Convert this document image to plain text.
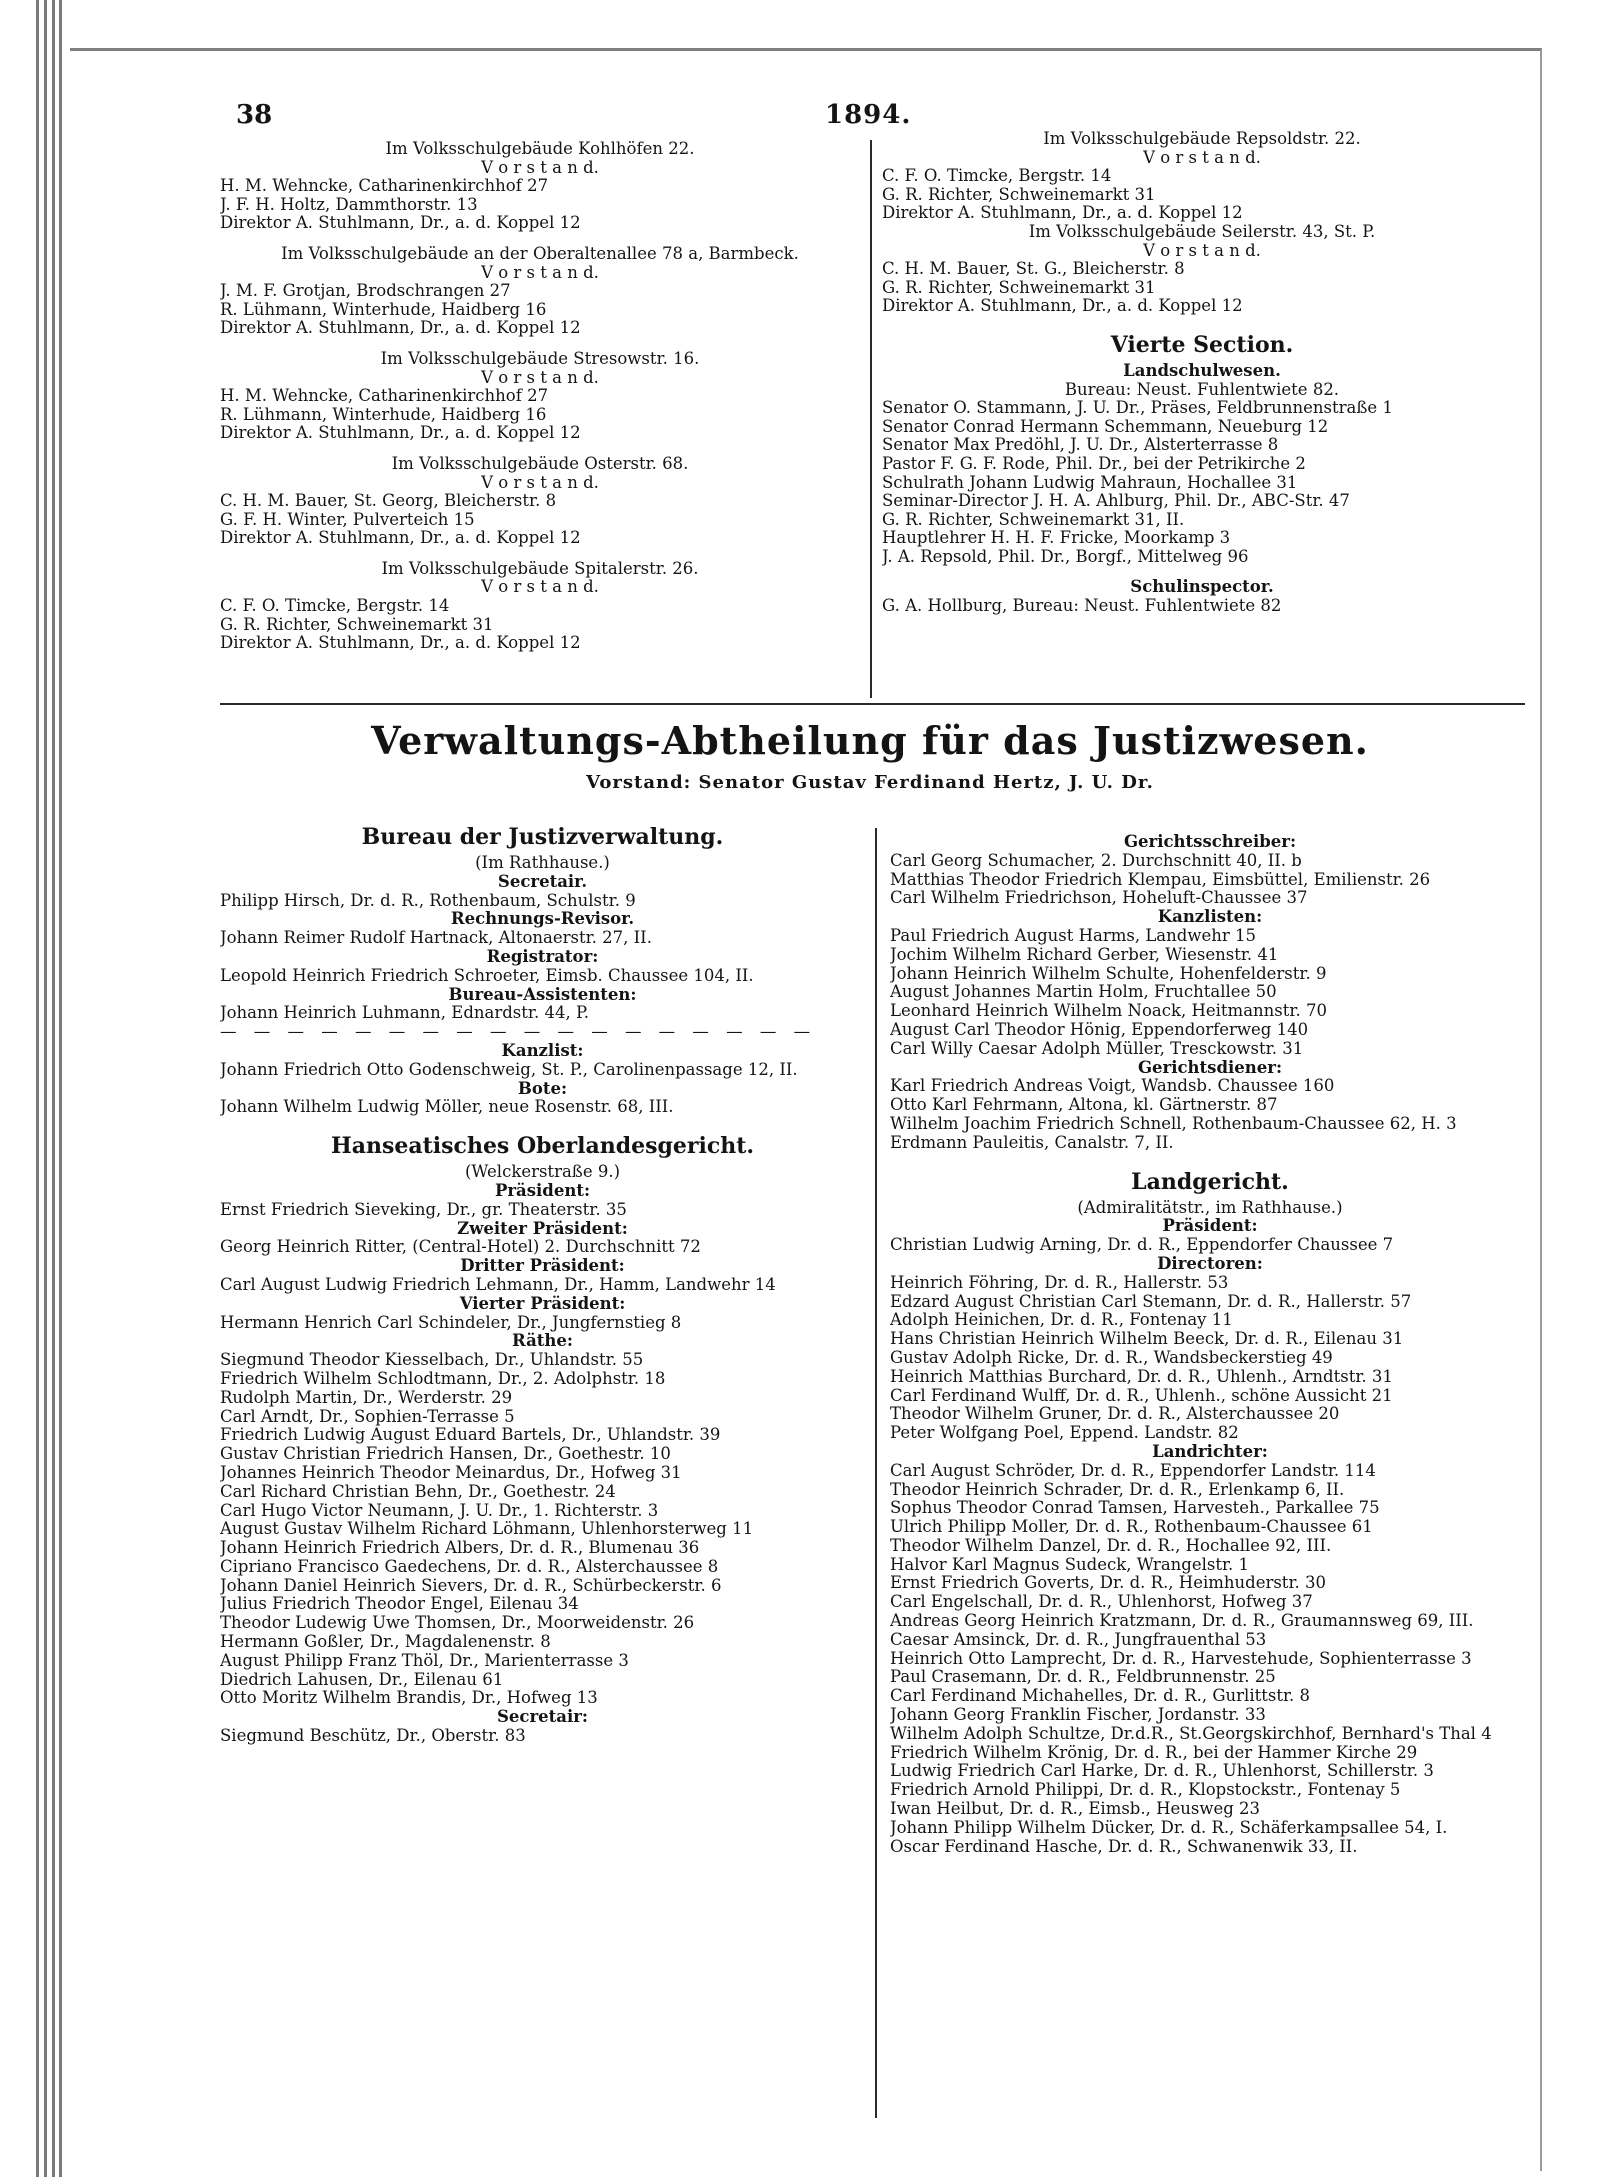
38	1894.
Im Volksschulgebäude Kohlhöfen 22.
V o r s t a n d.
H. M. Wehncke, Catharinenkirchhof 27
J. F. H. Holtz, Dammthorstr. 13
Direktor A. Stuhlmann, Dr., a. d. Koppel 12
Im Volksschulgebäude an der Oberaltenallee 78 a, Barmbeck.
V o r s t a n d.
J. M. F. Grotjan, Brodschrangen 27
R. Lühmann, Winterhude, Haidberg 16
Direktor A. Stuhlmann, Dr., a. d. Koppel 12
Im Volksschulgebäude Stresowstr. 16.
V o r s t a n d.
H. M. Wehncke, Catharinenkirchhof 27
R. Lühmann, Winterhude, Haidberg 16
Direktor A. Stuhlmann, Dr., a. d. Koppel 12
Im Volksschulgebäude Osterstr. 68.
V o r s t a n d.
C. H. M. Bauer, St. Georg, Bleicherstr. 8
G. F. H. Winter, Pulverteich 15
Direktor A. Stuhlmann, Dr., a. d. Koppel 12
Im Volksschulgebäude Spitalerstr. 26.
V o r s t a n d.
C. F. O. Timcke, Bergstr. 14
G. R. Richter, Schweinemarkt 31
Direktor A. Stuhlmann, Dr., a. d. Koppel 12
Im Volksschulgebäude Repsoldstr. 22.
V o r s t a n d.
C. F. O. Timcke, Bergstr. 14
G. R. Richter, Schweinemarkt 31
Direktor A. Stuhlmann, Dr., a. d. Koppel 12
Im Volksschulgebäude Seilerstr. 43, St. P.
V o r s t a n d.
C. H. M. Bauer, St. G., Bleicherstr. 8
G. R. Richter, Schweinemarkt 31
Direktor A. Stuhlmann, Dr., a. d. Koppel 12
Vierte Section.
Landschulwesen.
Bureau: Neust. Fuhlentwiete 82.
Senator O. Stammann, J. U. Dr., Präses, Feldbrunnenstraße 1
Senator Conrad Hermann Schemmann, Neueburg 12
Senator Max Predöhl, J. U. Dr., Alsterterrasse 8
Pastor F. G. F. Rode, Phil. Dr., bei der Petrikirche 2
Schulrath Johann Ludwig Mahraun, Hochallee 31
Seminar-Director J. H. A. Ahlburg, Phil. Dr., ABC-Str. 47
G. R. Richter, Schweinemarkt 31, II.
Hauptlehrer H. H. F. Fricke, Moorkamp 3
J. A. Repsold, Phil. Dr., Borgf., Mittelweg 96
Schulinspector.
G. A. Hollburg, Bureau: Neust. Fuhlentwiete 82
Verwaltungs-Abtheilung für das Justizwesen.
Vorstand: Senator Gustav Ferdinand Hertz, J. U. Dr.
Bureau der Justizverwaltung.
(Im Rathhause.)
Secretair.
Philipp Hirsch, Dr. d. R., Rothenbaum, Schulstr. 9
Rechnungs-Revisor.
Johann Reimer Rudolf Hartnack, Altonaerstr. 27, II.
Registrator:
Leopold Heinrich Friedrich Schroeter, Eimsb. Chaussee 104, II.
Bureau-Assistenten:
Johann Heinrich Luhmann, Ednardstr. 44, P.
— — — — — — — — — — — — — — — — — —
Kanzlist:
Johann Friedrich Otto Godenschweig, St. P., Carolinenpassage 12, II.
Bote:
Johann Wilhelm Ludwig Möller, neue Rosenstr. 68, III.
Hanseatisches Oberlandesgericht.
(Welckerstraße 9.)
Präsident:
Ernst Friedrich Sieveking, Dr., gr. Theaterstr. 35
Zweiter Präsident:
Georg Heinrich Ritter, (Central-Hotel) 2. Durchschnitt 72
Dritter Präsident:
Carl August Ludwig Friedrich Lehmann, Dr., Hamm, Landwehr 14
Vierter Präsident:
Hermann Henrich Carl Schindeler, Dr., Jungfernstieg 8
Räthe:
Siegmund Theodor Kiesselbach, Dr., Uhlandstr. 55
Friedrich Wilhelm Schlodtmann, Dr., 2. Adolphstr. 18
Rudolph Martin, Dr., Werderstr. 29
Carl Arndt, Dr., Sophien-Terrasse 5
Friedrich Ludwig August Eduard Bartels, Dr., Uhlandstr. 39
Gustav Christian Friedrich Hansen, Dr., Goethestr. 10
Johannes Heinrich Theodor Meinardus, Dr., Hofweg 31
Carl Richard Christian Behn, Dr., Goethestr. 24
Carl Hugo Victor Neumann, J. U. Dr., 1. Richterstr. 3
August Gustav Wilhelm Richard Löhmann, Uhlenhorsterweg 11
Johann Heinrich Friedrich Albers, Dr. d. R., Blumenau 36
Cipriano Francisco Gaedechens, Dr. d. R., Alsterchaussee 8
Johann Daniel Heinrich Sievers, Dr. d. R., Schürbeckerstr. 6
Julius Friedrich Theodor Engel, Eilenau 34
Theodor Ludewig Uwe Thomsen, Dr., Moorweidenstr. 26
Hermann Goßler, Dr., Magdalenenstr. 8
August Philipp Franz Thöl, Dr., Marienterrasse 3
Diedrich Lahusen, Dr., Eilenau 61
Otto Moritz Wilhelm Brandis, Dr., Hofweg 13
Secretair:
Siegmund Beschütz, Dr., Oberstr. 83
Gerichtsschreiber:
Carl Georg Schumacher, 2. Durchschnitt 40, II. b
Matthias Theodor Friedrich Klempau, Eimsbüttel, Emilienstr. 26
Carl Wilhelm Friedrichson, Hoheluft-Chaussee 37
Kanzlisten:
Paul Friedrich August Harms, Landwehr 15
Jochim Wilhelm Richard Gerber, Wiesenstr. 41
Johann Heinrich Wilhelm Schulte, Hohenfelderstr. 9
August Johannes Martin Holm, Fruchtallee 50
Leonhard Heinrich Wilhelm Noack, Heitmannstr. 70
August Carl Theodor Hönig, Eppendorferweg 140
Carl Willy Caesar Adolph Müller, Tresckowstr. 31
Gerichtsdiener:
Karl Friedrich Andreas Voigt, Wandsb. Chaussee 160
Otto Karl Fehrmann, Altona, kl. Gärtnerstr. 87
Wilhelm Joachim Friedrich Schnell, Rothenbaum-Chaussee 62, H. 3
Erdmann Pauleitis, Canalstr. 7, II.
Landgericht.
(Admiralitätstr., im Rathhause.)
Präsident:
Christian Ludwig Arning, Dr. d. R., Eppendorfer Chaussee 7
Directoren:
Heinrich Föhring, Dr. d. R., Hallerstr. 53
Edzard August Christian Carl Stemann, Dr. d. R., Hallerstr. 57
Adolph Heinichen, Dr. d. R., Fontenay 11
Hans Christian Heinrich Wilhelm Beeck, Dr. d. R., Eilenau 31
Gustav Adolph Ricke, Dr. d. R., Wandsbeckerstieg 49
Heinrich Matthias Burchard, Dr. d. R., Uhlenh., Arndtstr. 31
Carl Ferdinand Wulff, Dr. d. R., Uhlenh., schöne Aussicht 21
Theodor Wilhelm Gruner, Dr. d. R., Alsterchaussee 20
Peter Wolfgang Poel, Eppend. Landstr. 82
Landrichter:
Carl August Schröder, Dr. d. R., Eppendorfer Landstr. 114
Theodor Heinrich Schrader, Dr. d. R., Erlenkamp 6, II.
Sophus Theodor Conrad Tamsen, Harvesteh., Parkallee 75
Ulrich Philipp Moller, Dr. d. R., Rothenbaum-Chaussee 61
Theodor Wilhelm Danzel, Dr. d. R., Hochallee 92, III.
Halvor Karl Magnus Sudeck, Wrangelstr. 1
Ernst Friedrich Goverts, Dr. d. R., Heimhuderstr. 30
Carl Engelschall, Dr. d. R., Uhlenhorst, Hofweg 37
Andreas Georg Heinrich Kratzmann, Dr. d. R., Graumannsweg 69, III.
Caesar Amsinck, Dr. d. R., Jungfrauenthal 53
Heinrich Otto Lamprecht, Dr. d. R., Harvestehude, Sophienterrasse 3
Paul Crasemann, Dr. d. R., Feldbrunnenstr. 25
Carl Ferdinand Michahelles, Dr. d. R., Gurlittstr. 8
Johann Georg Franklin Fischer, Jordanstr. 33
Wilhelm Adolph Schultze, Dr.d.R., St.Georgskirchhof, Bernhard's Thal 4
Friedrich Wilhelm Krönig, Dr. d. R., bei der Hammer Kirche 29
Ludwig Friedrich Carl Harke, Dr. d. R., Uhlenhorst, Schillerstr. 3
Friedrich Arnold Philippi, Dr. d. R., Klopstockstr., Fontenay 5
Iwan Heilbut, Dr. d. R., Eimsb., Heusweg 23
Johann Philipp Wilhelm Dücker, Dr. d. R., Schäferkampsallee 54, I.
Oscar Ferdinand Hasche, Dr. d. R., Schwanenwik 33, II.
